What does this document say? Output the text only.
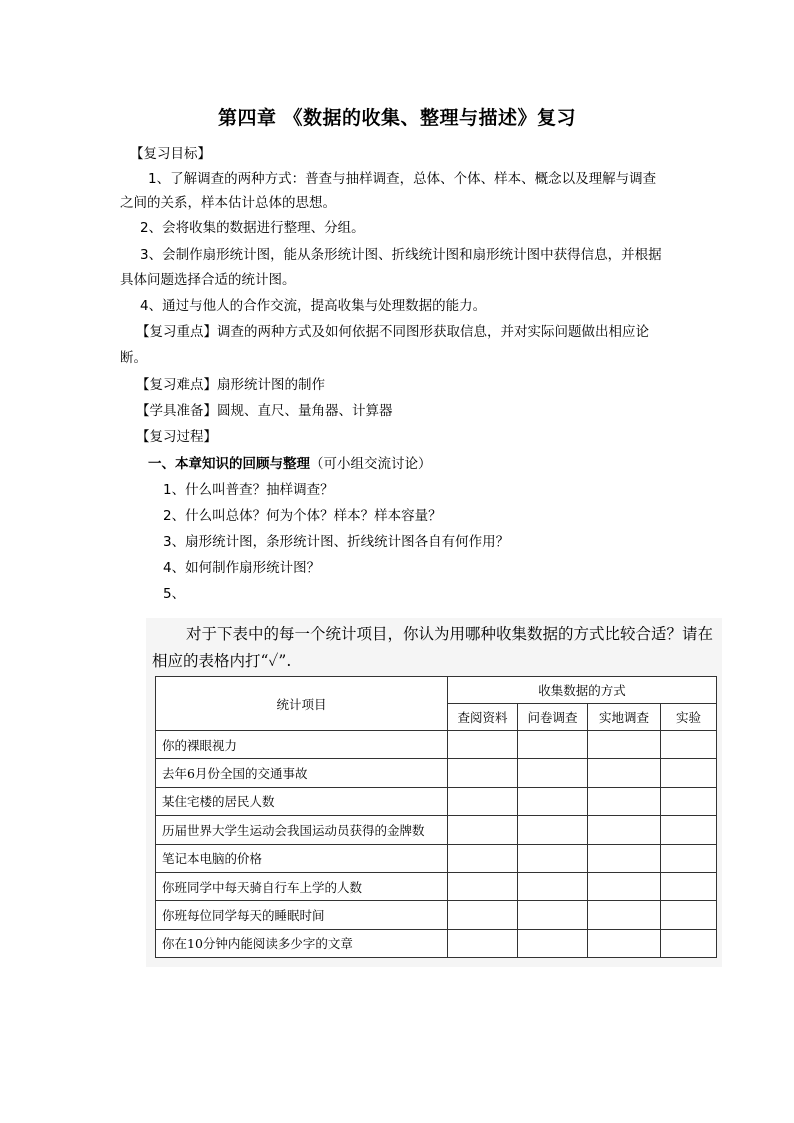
第四章 《数据的收集、整理与描述》复习
【复习目标】
1、了解调查的两种方式：普查与抽样调查，总体、个体、样本、概念以及理解与调查
之间的关系，样本估计总体的思想。
2、会将收集的数据进行整理、分组。
3、会制作扇形统计图，能从条形统计图、折线统计图和扇形统计图中获得信息，并根据
具体问题选择合适的统计图。
4、通过与他人的合作交流，提高收集与处理数据的能力。
【复习重点】调查的两种方式及如何依据不同图形获取信息，并对实际问题做出相应论
断。
【复习难点】扇形统计图的制作
【学具准备】圆规、直尺、量角器、计算器
【复习过程】
一、本章知识的回顾与整理（可小组交流讨论）
1、什么叫普查？抽样调查？
2、什么叫总体？何为个体？样本？样本容量？
3、扇形统计图，条形统计图、折线统计图各自有何作用？
4、如何制作扇形统计图？
5、
对于下表中的每一个统计项目，你认为用哪种收集数据的方式比较合适？请在
相应的表格内打“✓”.
统计项目	收集数据的方式			
	查阅资料	问卷调查	实地调查	实验
你的裸眼视力				
去年6月份全国的交通事故				
某住宅楼的居民人数				
历届世界大学生运动会我国运动员获得的金牌数				
笔记本电脑的价格				
你班同学中每天骑自行车上学的人数				
你班每位同学每天的睡眠时间				
你在10分钟内能阅读多少字的文章				
